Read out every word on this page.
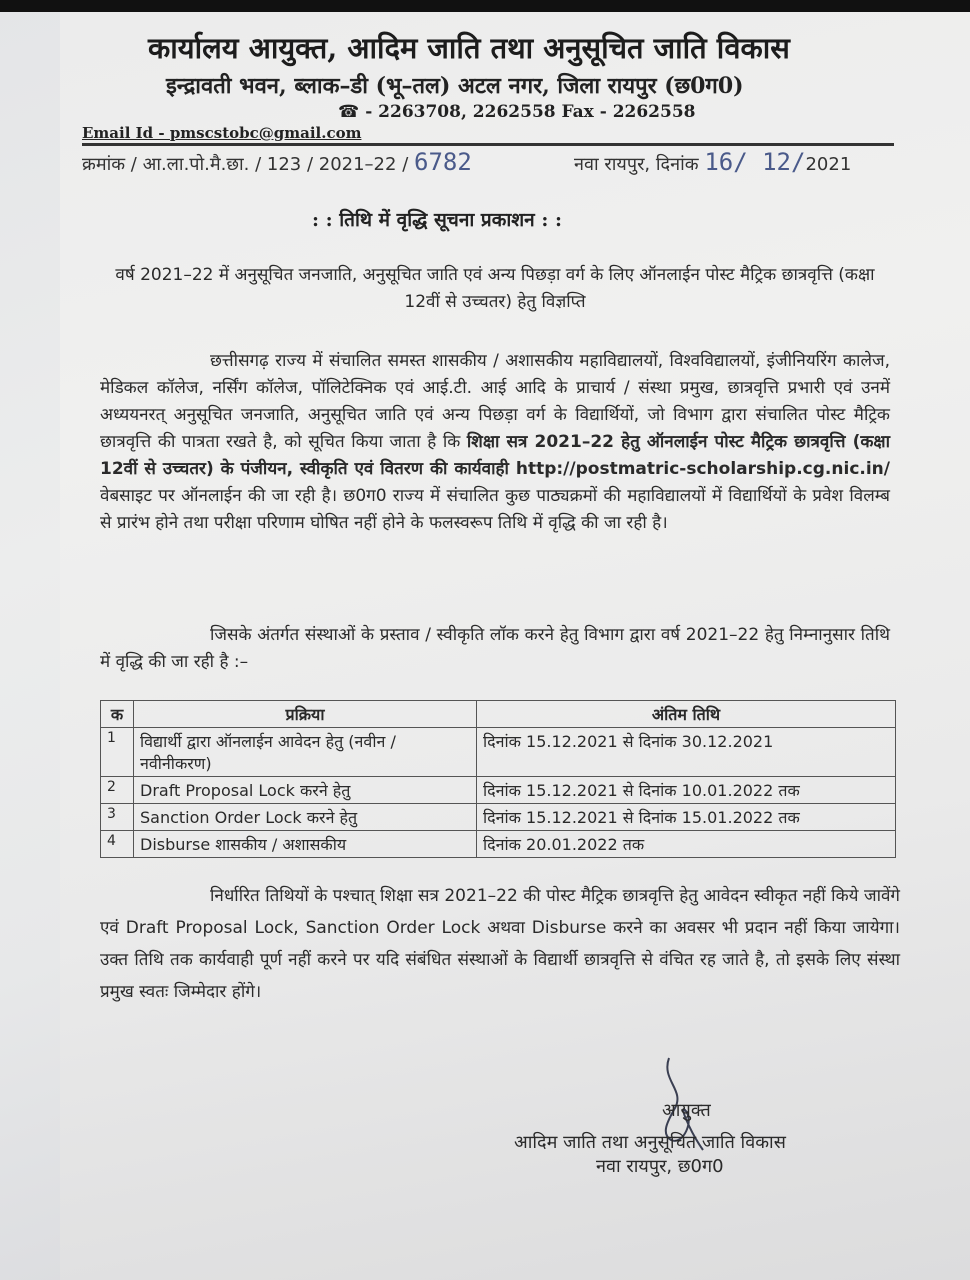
कार्यालय आयुक्त, आदिम जाति तथा अनुसूचित जाति विकास
इन्द्रावती भवन, ब्लाक–डी (भू–तल) अटल नगर, जिला रायपुर (छ0ग0)
☎ - 2263708, 2262558 Fax - 2262558
Email Id - pmscstobc@gmail.com
क्रमांक / आ.ला.पो.मै.छा. / 123 / 2021–22 / 6782	नवा रायपुर, दिनांक 16/ 12/2021
: : तिथि में वृद्धि सूचना प्रकाशन : :
वर्ष 2021–22 में अनुसूचित जनजाति, अनुसूचित जाति एवं अन्य पिछड़ा वर्ग के लिए ऑनलाईन पोस्ट मैट्रिक छात्रवृत्ति (कक्षा 12वीं से उच्चतर) हेतु विज्ञप्ति
छत्तीसगढ़ राज्य में संचालित समस्त शासकीय / अशासकीय महाविद्यालयों, विश्वविद्यालयों, इंजीनियरिंग कालेज, मेडिकल कॉलेज, नर्सिंग कॉलेज, पॉलिटेक्निक एवं आई.टी. आई आदि के प्राचार्य / संस्था प्रमुख, छात्रवृत्ति प्रभारी एवं उनमें अध्ययनरत् अनुसूचित जनजाति, अनुसूचित जाति एवं अन्य पिछड़ा वर्ग के विद्यार्थियों, जो विभाग द्वारा संचालित पोस्ट मैट्रिक छात्रवृत्ति की पात्रता रखते है, को सूचित किया जाता है कि शिक्षा सत्र 2021–22 हेतु ऑनलाईन पोस्ट मैट्रिक छात्रवृत्ति (कक्षा 12वीं से उच्चतर) के पंजीयन, स्वीकृति एवं वितरण की कार्यवाही http://postmatric-scholarship.cg.nic.in/ वेबसाइट पर ऑनलाईन की जा रही है। छ0ग0 राज्य में संचालित कुछ पाठ्यक्रमों की महाविद्यालयों में विद्यार्थियों के प्रवेश विलम्ब से प्रारंभ होने तथा परीक्षा परिणाम घोषित नहीं होने के फलस्वरूप तिथि में वृद्धि की जा रही है।
जिसके अंतर्गत संस्थाओं के प्रस्ताव / स्वीकृति लॉक करने हेतु विभाग द्वारा वर्ष 2021–22 हेतु निम्नानुसार तिथि में वृद्धि की जा रही है :–
क	प्रक्रिया	अंतिम तिथि
1	विद्यार्थी द्वारा ऑनलाईन आवेदन हेतु (नवीन / नवीनीकरण)	दिनांक 15.12.2021 से दिनांक 30.12.2021
2	Draft Proposal Lock करने हेतु	दिनांक 15.12.2021 से दिनांक 10.01.2022 तक
3	Sanction Order Lock करने हेतु	दिनांक 15.12.2021 से दिनांक 15.01.2022 तक
4	Disburse शासकीय / अशासकीय	दिनांक 20.01.2022 तक
निर्धारित तिथियों के पश्चात् शिक्षा सत्र 2021–22 की पोस्ट मैट्रिक छात्रवृत्ति हेतु आवेदन स्वीकृत नहीं किये जावेंगे एवं Draft Proposal Lock, Sanction Order Lock अथवा Disburse करने का अवसर भी प्रदान नहीं किया जायेगा। उक्त तिथि तक कार्यवाही पूर्ण नहीं करने पर यदि संबंधित संस्थाओं के विद्यार्थी छात्रवृत्ति से वंचित रह जाते है, तो इसके लिए संस्था प्रमुख स्वतः जिम्मेदार होंगे।
आयुक्त
आदिम जाति तथा अनुसूचित जाति विकास
नवा रायपुर, छ0ग0
